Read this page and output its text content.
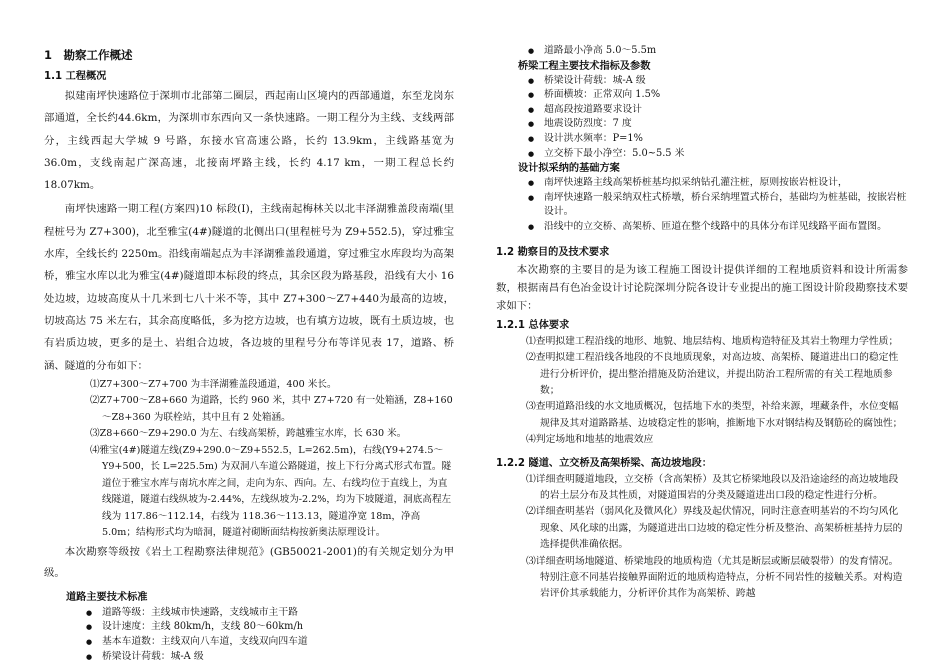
1　勘察工作概述
1.1 工程概况

拟建南坪快速路位于深圳市北部第二圈层，西起南山区境内的西部通道，东至龙岗东部通道，全长约44.6km，为深圳市东西向又一条快速路。一期工程分为主线、支线两部分，主线西起大学城 9 号路，东接水官高速公路，长约 13.9km，主线路基宽为 36.0m，支线南起广深高速，北接南坪路主线，长约 4.17 km，一期工程总长约18.07km。

南坪快速路一期工程(方案四)10 标段(Ⅰ)，主线南起梅林关以北丰泽湖雅盖段南端(里程桩号为 Z7+300)，北至雅宝(4#)隧道的北侧出口(里程桩号为 Z9+552.5)，穿过雅宝水库，全线长约 2250m。沿线南端起点为丰泽湖雅盖段通道，穿过雅宝水库段均为高架桥，雅宝水库以北为雅宝(4#)隧道即本标段的终点，其余区段为路基段，沿线有大小 16 处边坡，边坡高度从十几米到七八十米不等，其中 Z7+300～Z7+440为最高的边坡，切坡高达 75 米左右，其余高度略低，多为挖方边坡，也有填方边坡，既有土质边坡，也有岩质边坡，更多的是土、岩组合边坡，各边坡的里程号分布等详见表 17，道路、桥涵、隧道的分布如下：

⑴Z7+300～Z7+700 为丰泽湖雅盖段通道，400 米长。
⑵Z7+700～Z8+660 为道路，长约 960 米，其中 Z7+720 有一处箱涵，Z8+160～Z8+360 为联栓站，其中且有 2 处箱涵。
⑶Z8+660～Z9+290.0 为左、右线高架桥，跨越雅宝水库，长 630 米。
⑷雅宝(4#)隧道左线(Z9+290.0～Z9+552.5，L=262.5m)，右线(Y9+274.5～Y9+500，长 L=225.5m) 为双洞八车道公路隧道，按上下行分离式形式布置。隧道位于雅宝水库与南坑水库之间，走向为东、西向。左、右线均位于直线上，为直线隧道，隧道右线纵坡为-2.44%，左线纵坡为-2.2%，均为下坡隧道，洞底高程左线为 117.86～112.14，右线为 118.36～113.13，隧道净宽 18m，净高 5.0m；结构形式均为暗洞，隧道衬砌断面结构按新奥法原理设计。

本次勘察等级按《岩土工程勘察法律规范》(GB50021-2001)的有关规定划分为甲级。

道路主要技术标准
● 道路等级：主线城市快速路，支线城市主干路
● 设计速度：主线 80km/h，支线 80～60km/h
● 基本车道数：主线双向八车道，支线双向四车道
● 桥梁设计荷载：城-A 级
● 道路最小净高 5.0～5.5m
桥梁工程主要技术指标及参数
● 桥梁设计荷载：城-A 级
● 桥面横坡：正常双向 1.5%
● 超高段按道路要求设计
● 地震设防烈度：7 度
● 设计洪水频率：P=1%
● 立交桥下最小净空：5.0~5.5 米
设计拟采纳的基础方案
● 南坪快速路主线高架桥桩基均拟采纳钻孔灌注桩，原则按嵌岩桩设计，
● 南坪快速路一般采纳双柱式桥墩，桥台采纳埋置式桥台，基础均为桩基础，按嵌岩桩设计。
● 沿线中的立交桥、高架桥、匝道在整个线路中的具体分布详见线路平面布置图。
1.2 勘察目的及技术要求

本次勘察的主要目的是为该工程施工图设计提供详细的工程地质资料和设计所需参数，根据南昌有色冶金设计讨论院深圳分院各设计专业提出的施工图设计阶段勘察技术要求如下：

1.2.1 总体要求
⑴查明拟建工程沿线的地形、地貌、地层结构、地质构造特征及其岩土物理力学性质；
⑵查明拟建工程沿线各地段的不良地质现象，对高边坡、高架桥、隧道进出口的稳定性进行分析评价，提出整治措施及防治建议，并提出防治工程所需的有关工程地质参数；
⑶查明道路沿线的水文地质概况，包括地下水的类型，补给来源，埋藏条件，水位变幅规律及其对道路路基、边坡稳定性的影响，推断地下水对钢结构及钢筋砼的腐蚀性；
⑷判定场地和地基的地震效应
1.2.2 隧道、立交桥及高架桥梁、高边坡地段：
⑴详细查明隧道地段，立交桥（含高架桥）及其它桥梁地段以及沿途途经的高边坡地段的岩土层分布及其性质，对隧道围岩的分类及隧道进出口段的稳定性进行分析。
⑵详细查明基岩（弱风化及微风化）界线及起伏情况，同时注意查明基岩的不均匀风化现象、风化球的出露，为隧道进出口边坡的稳定性分析及整治、高架桥桩基持力层的选择提供准确依据。
⑶详细查明场地隧道、桥梁地段的地质构造（尤其是断层或断层破裂带）的发育情况。特别注意不同基岩接触界面附近的地质构造特点，分析不同岩性的接触关系。对构造岩评价其承载能力，分析评价其作为高架桥、跨越
